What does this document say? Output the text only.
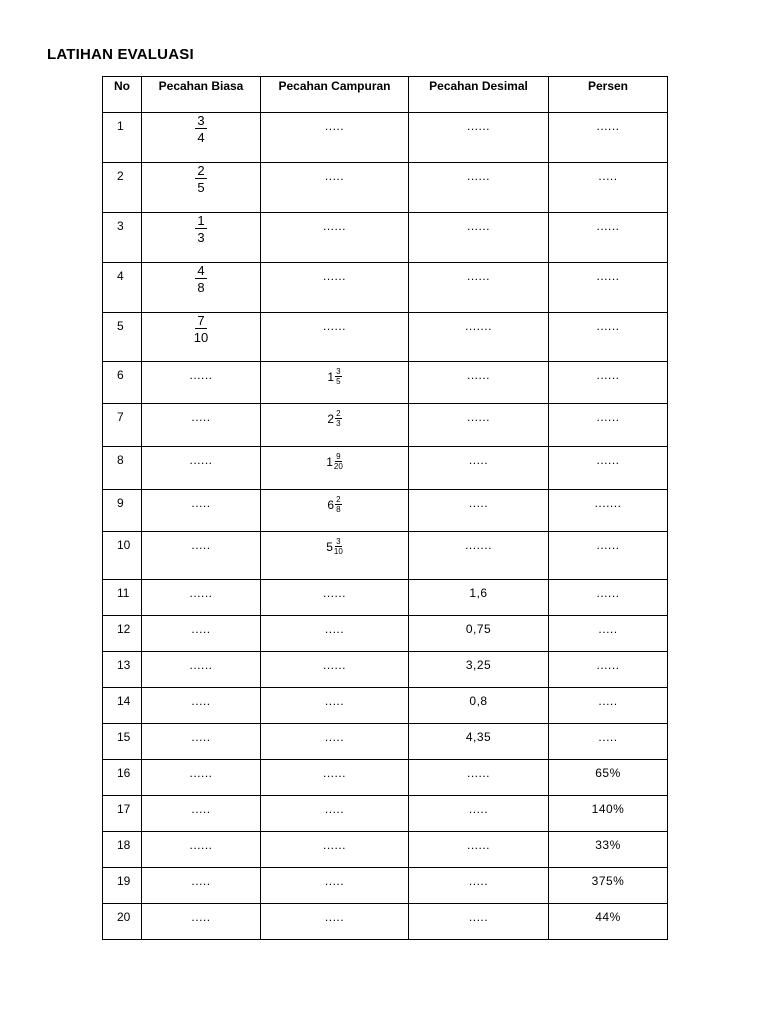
LATIHAN EVALUASI
No	Pecahan Biasa	Pecahan Campuran	Pecahan Desimal	Persen
1	$\frac{3}{4}$	.....	......	......
2	$\frac{2}{5}$	.....	......	.....
3	$\frac{1}{3}$	......	......	......
4	$\frac{4}{8}$	......	......	......
5	$\frac{7}{10}$	......	.......	......
6	......	$1 \frac{3}{5}$	......	......
7	.....	$2 \frac{2}{3}$	......	......
8	......	$1 \frac{9}{20}$	.....	......
9	.....	$6 \frac{2}{8}$	.....	.......
10	.....	$5 \frac{3}{10}$	.......	......
11	......	......	1,6	......
12	.....	.....	0,75	.....
13	......	......	3,25	......
14	.....	.....	0,8	.....
15	.....	.....	4,35	.....
16	......	......	......	65%
17	.....	.....	.....	140%
18	......	......	......	33%
19	.....	.....	.....	375%
20	.....	.....	.....	44%
